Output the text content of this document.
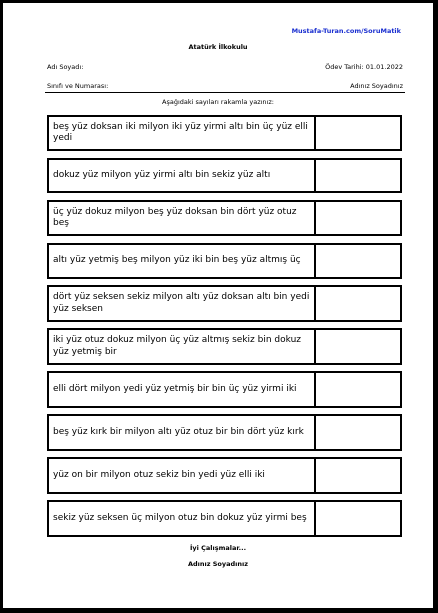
Mustafa-Turan.com/SoruMatik
Atatürk İlkokulu
Adı Soyadı:	Ödev Tarihi: 01.01.2022
Sınıfı ve Numarası:	Adınız Soyadınız
Aşağıdaki sayıları rakamla yazınız:
beş yüz doksan iki milyon iki yüz yirmi altı bin üç yüz elli yedi
dokuz yüz milyon yüz yirmi altı bin sekiz yüz altı
üç yüz dokuz milyon beş yüz doksan bin dört yüz otuz beş
altı yüz yetmiş beş milyon yüz iki bin beş yüz altmış üç
dört yüz seksen sekiz milyon altı yüz doksan altı bin yedi yüz seksen
iki yüz otuz dokuz milyon üç yüz altmış sekiz bin dokuz yüz yetmiş bir
elli dört milyon yedi yüz yetmiş bir bin üç yüz yirmi iki
beş yüz kırk bir milyon altı yüz otuz bir bin dört yüz kırk
yüz on bir milyon otuz sekiz bin yedi yüz elli iki
sekiz yüz seksen üç milyon otuz bin dokuz yüz yirmi beş
İyi Çalışmalar...
Adınız Soyadınız
